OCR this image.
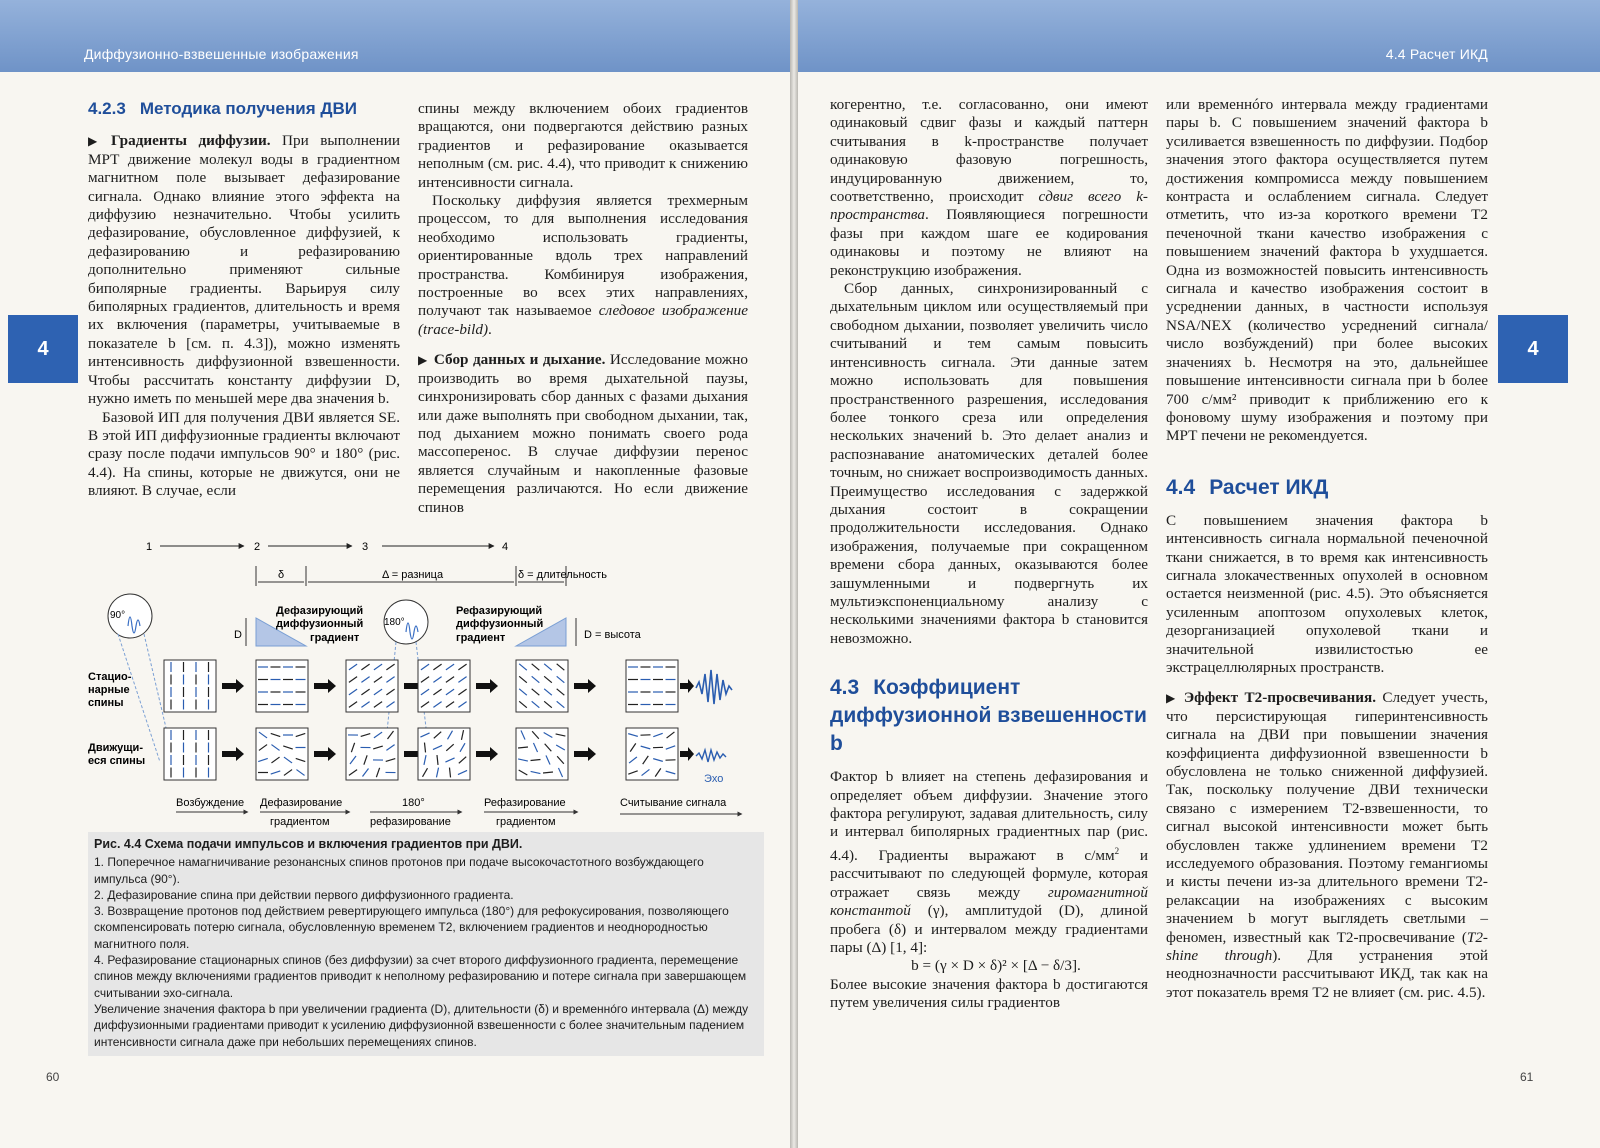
Диффузионно-взвешенные изображения
4
4.2.3 Методика получения ДВИ

▶ Градиенты диффузии. При выполнении МРТ движение молекул воды в градиентном магнитном поле вызывает дефазирование сигнала. Однако влияние этого эффекта на диффузию незначительно. Чтобы усилить дефазирование, обусловленное диффузией, к дефазированию и рефазированию дополнительно применяют сильные биполярные градиенты. Варьируя силу биполярных градиентов, длительность и время их включения (параметры, учитываемые в показателе b [см. п. 4.3]), можно изменять интенсивность диффузионной взвешенности. Чтобы рассчитать константу диффузии D, нужно иметь по меньшей мере два значения b.

Базовой ИП для получения ДВИ является SE. В этой ИП диффузионные градиенты включают сразу после подачи импульсов 90° и 180° (рис. 4.4). На спины, которые не движутся, они не влияют. В случае, если

спины между включением обоих градиентов вращаются, они подвергаются действию разных градиентов и рефазирование оказывается неполным (см. рис. 4.4), что приводит к снижению интенсивности сигнала.

Поскольку диффузия является трехмерным процессом, то для выполнения исследования необходимо использовать градиенты, ориентированные вдоль трех направлений пространства. Комбинируя изображения, построенные во всех этих направлениях, получают так называемое следовое изображение (trace-bild).

▶ Сбор данных и дыхание. Исследование можно производить во время дыхательной паузы, синхронизировать сбор данных с фазами дыхания или даже выполнять при свободном дыхании, так, под дыханием можно понимать своего рода массоперенос. В случае диффузии перенос является случайным и накопленные фазовые перемещения различаются. Но если движение спинов

1	2	3	4
δ	Δ = разница	δ = длительность
90°
D
Дефазирующий диффузионный градиент
180°
Рефазирующий диффузионный градиент	D = высота
Стацио- нарные спины
Движущи- еся спины
Эхо
Возбуждение Дефазирование градиентом
180° рефазирование
Рефазирование градиентом
Считывание сигнала
Рис. 4.4 Схема подачи импульсов и включения градиентов при ДВИ.
1. Поперечное намагничивание резонансных спинов протонов при подаче высокочастотного возбуждающего импульса (90°).
2. Дефазирование спина при действии первого диффузионного градиента.
3. Возвращение протонов под действием ревертирующего импульса (180°) для рефокусирования, позволяющего скомпенсировать потерю сигнала, обусловленную временем T2, включением градиентов и неоднородностью магнитного поля.
4. Рефазирование стационарных спинов (без диффузии) за счет второго диффузионного градиента, перемещение спинов между включениями градиентов приводит к неполному рефазированию и потере сигнала при завершающем считывании эхо-сигнала.
Увеличение значения фактора b при увеличении градиента (D), длительности (δ) и временнóго интервала (Δ) между диффузионными градиентами приводит к усилению диффузионной взвешенности с более значительным падением интенсивности сигнала даже при небольших перемещениях спинов.
60
4.4 Расчет ИКД
4

когерентно, т.е. согласованно, они имеют одинаковый сдвиг фазы и каждый паттерн считывания в k-пространстве получает одинаковую фазовую погрешность, индуцированную движением, то, соответственно, происходит сдвиг всего k-пространства. Появляющиеся погрешности фазы при каждом шаге ее кодирования одинаковы и поэтому не влияют на реконструкцию изображения.

Сбор данных, синхронизированный с дыхательным циклом или осуществляемый при свободном дыхании, позволяет увеличить число считываний и тем самым повысить интенсивность сигнала. Эти данные затем можно использовать для повышения пространственного разрешения, исследования более тонкого среза или определения нескольких значений b. Это делает анализ и распознавание анатомических деталей более точным, но снижает воспроизводимость данных. Преимущество исследования с задержкой дыхания состоит в сокращении продолжительности исследования. Однако изображения, получаемые при сокращенном времени сбора данных, оказываются более зашумленными и подвергнуть их мультиэкспоненциальному анализу с несколькими значениями фактора b становится невозможно.

4.3 Коэффициент диффузионной взвешенности b

Фактор b влияет на степень дефазирования и определяет объем диффузии. Значение этого фактора регулируют, задавая длительность, силу и интервал биполярных градиентных пар (рис. 4.4). Градиенты выражают в $с/мм^2$ и рассчитывают по следующей формуле, которая отражает связь между гиромагнитной константой (γ), амплитудой (D), длиной пробега (δ) и интервалом между градиентами пары (Δ) [1, 4]:

b = (γ × D × δ)² × [Δ − δ/3].

Более высокие значения фактора b достигаются путем увеличения силы градиентов

или временнóго интервала между градиентами пары b. С повышением значений фактора b усиливается взвешенность по диффузии. Подбор значения этого фактора осуществляется путем достижения компромисса между повышением контраста и ослаблением сигнала. Следует отметить, что из-за короткого времени T2 печеночной ткани качество изображения с повышением значений фактора b ухудшается. Одна из возможностей повысить интенсивность сигнала и качество изображения состоит в усреднении данных, в частности используя NSA/NEX (количество усреднений сигнала/число возбуждений) при более высоких значениях b. Несмотря на это, дальнейшее повышение интенсивности сигнала при b более 700 с/мм² приводит к приближению его к фоновому шуму изображения и поэтому при МРТ печени не рекомендуется.

4.4 Расчет ИКД

С повышением значения фактора b интенсивность сигнала нормальной печеночной ткани снижается, в то время как интенсивность сигнала злокачественных опухолей в основном остается неизменной (рис. 4.5). Это объясняется усиленным апоптозом опухолевых клеток, дезорганизацией опухолевой ткани и значительной извилистостью ее экстрацеллюлярных пространств.

▶ Эффект T2-просвечивания. Следует учесть, что персистирующая гиперинтенсивность сигнала на ДВИ при повышении значения коэффициента диффузионной взвешенности b обусловлена не только сниженной диффузией. Так, поскольку получение ДВИ технически связано с измерением T2-взвешенности, то сигнал высокой интенсивности может быть обусловлен также удлинением времени T2 исследуемого образования. Поэтому гемангиомы и кисты печени из-за длительного времени T2-релаксации на изображениях с высоким значением b могут выглядеть светлыми – феномен, известный как T2-просвечивание (T2-shine through). Для устранения этой неоднозначности рассчитывают ИКД, так как на этот показатель время T2 не влияет (см. рис. 4.5).

61
